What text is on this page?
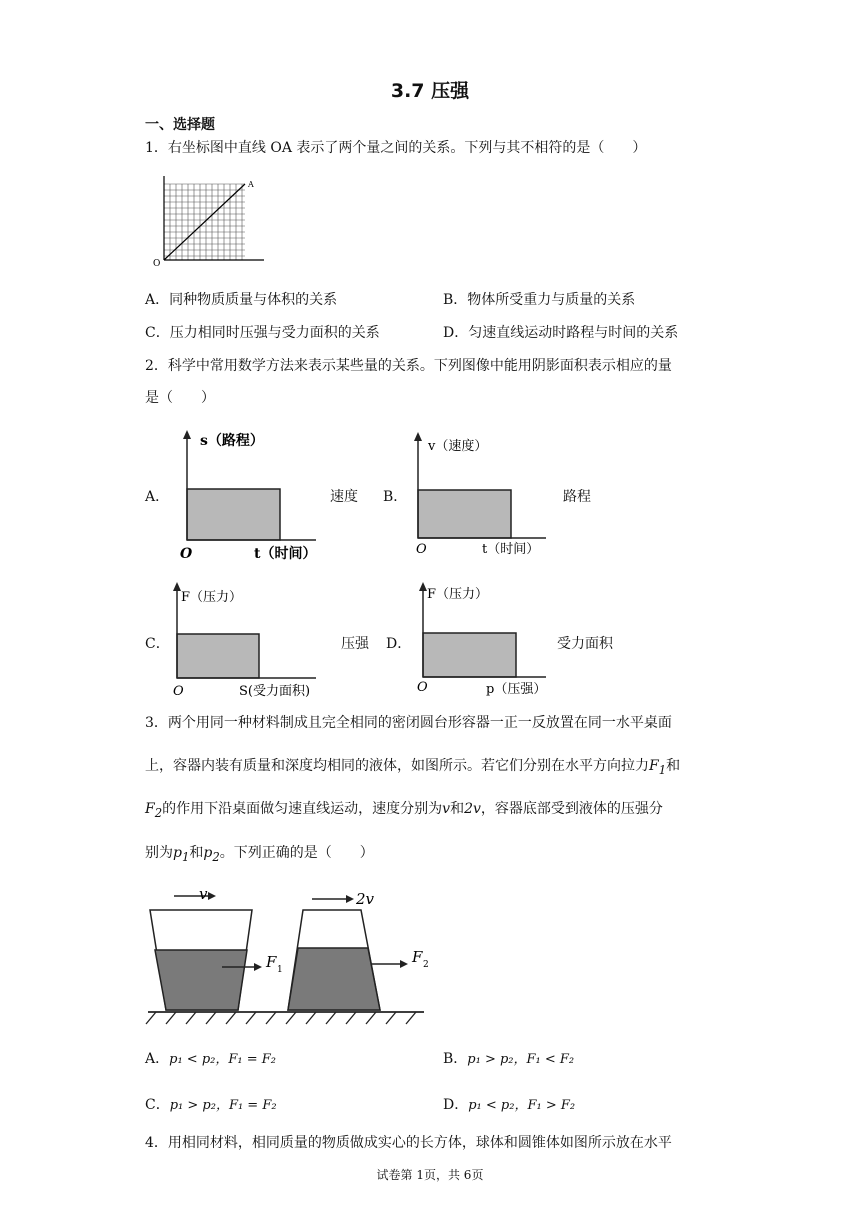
3.7 压强
一、选择题
1．右坐标图中直线 OA 表示了两个量之间的关系。下列与其不相符的是（　　）
O
A
A．同种物质质量与体积的关系	B．物体所受重力与质量的关系
C．压力相同时压强与受力面积的关系	D．匀速直线运动时路程与时间的关系
2．科学中常用数学方法来表示某些量的关系。下列图像中能用阴影面积表示相应的量
是（　　）
A．
s（路程）
O	t（时间）
速度 B．
v（速度）
O	t（时间）
路程
C．
F（压力）
O	S(受力面积)
压强 D．
F（压力）
O	p（压强）
受力面积
3．两个用同一种材料制成且完全相同的密闭圆台形容器一正一反放置在同一水平桌面
上，容器内装有质量和深度均相同的液体，如图所示。若它们分别在水平方向拉力$F_1$和
$F_2$的作用下沿桌面做匀速直线运动，速度分别为v和2v，容器底部受到液体的压强分
别为$p_1$和$p_2$。下列正确的是（　　）
v
F 1
2v
F 2
A．p₁ < p₂，F₁ = F₂	B．p₁ > p₂，F₁ < F₂
C．p₁ > p₂，F₁ = F₂	D．p₁ < p₂，F₁ > F₂
4．用相同材料，相同质量的物质做成实心的长方体，球体和圆锥体如图所示放在水平
试卷第 1页，共 6页
